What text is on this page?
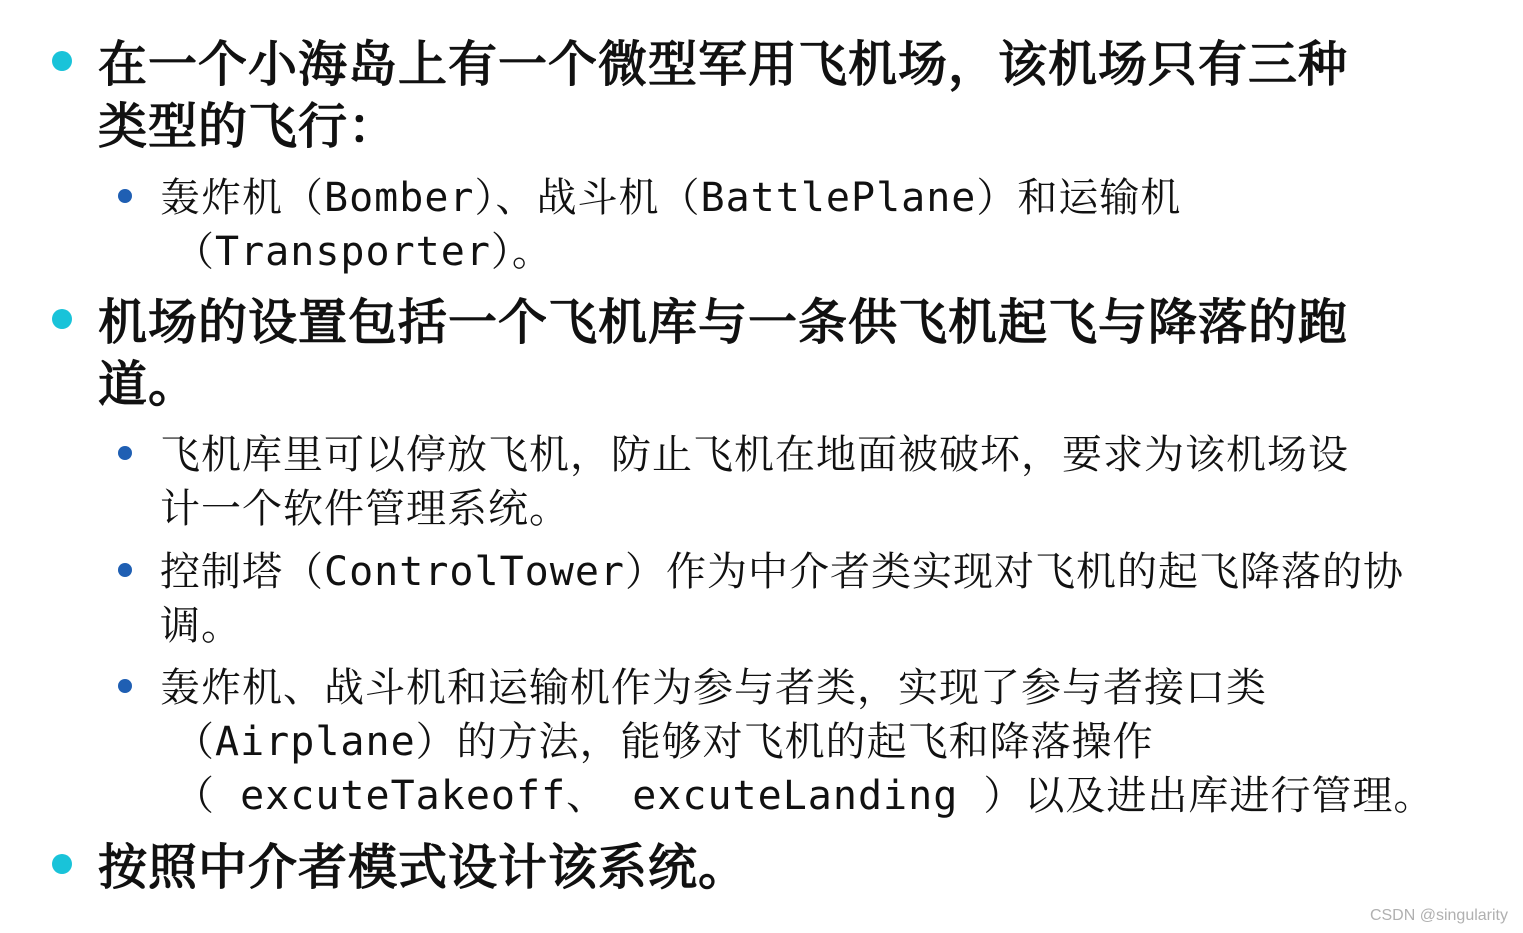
在一个小海岛上有一个微型军用飞机场，该机场只有三种
类型的飞行：
轰炸机（Bomber）、战斗机（BattlePlane）和运输机
（Transporter）。
机场的设置包括一个飞机库与一条供飞机起飞与降落的跑
道。
飞机库里可以停放飞机，防止飞机在地面被破坏，要求为该机场设
计一个软件管理系统。
控制塔（ControlTower）作为中介者类实现对飞机的起飞降落的协
调。
轰炸机、战斗机和运输机作为参与者类，实现了参与者接口类
（Airplane）的方法，能够对飞机的起飞和降落操作
（ excuteTakeoff、 excuteLanding ）以及进出库进行管理。
按照中介者模式设计该系统。
CSDN @singularity
